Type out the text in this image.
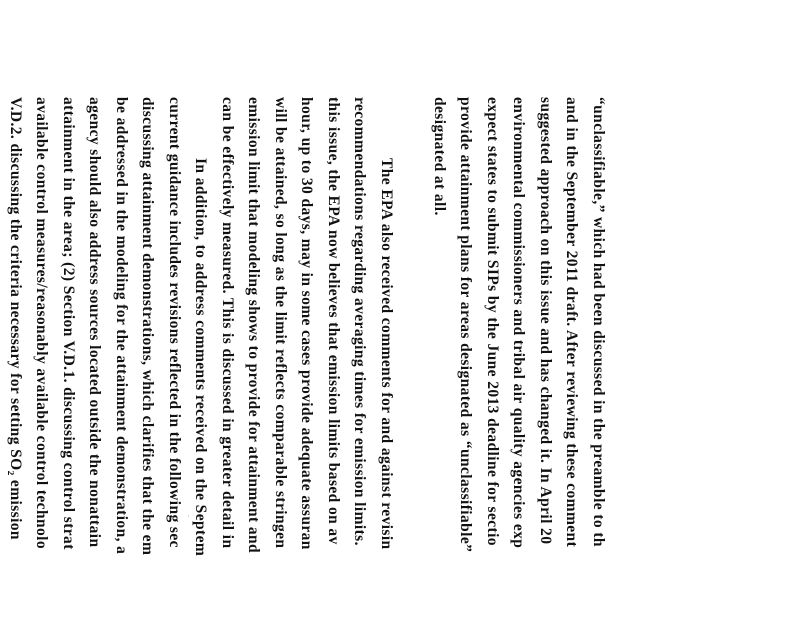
“unclassifiable,” which had been discussed in the preamble to th
and in the September 2011 draft. After reviewing these comment
suggested approach on this issue and has changed it. In April 20
environmental commissioners and tribal air quality agencies exp
expect states to submit SIPs by the June 2013 deadline for sectio
provide attainment plans for areas designated as “unclassifiable”
designated at all.
The EPA also received comments for and against revisin
recommendations regarding averaging times for emission limits.
this issue, the EPA now believes that emission limits based on av
hour, up to 30 days, may in some cases provide adequate assuran
will be attained, so long as the limit reflects comparable stringen
emission limit that modeling shows to provide for attainment and
can be effectively measured. This is discussed in greater detail in
In addition, to address comments received on the Septem
current guidance includes revisions reflected in the following sec
discussing attainment demonstrations, which clarifies that the em
be addressed in the modeling for the attainment demonstration, a
agency should also address sources located outside the nonattain
attainment in the area; (2) Section V.D.1. discussing control strat
available control measures/reasonably available control technolo
V.D.2. discussing the criteria necessary for setting SO₂ emission	·
